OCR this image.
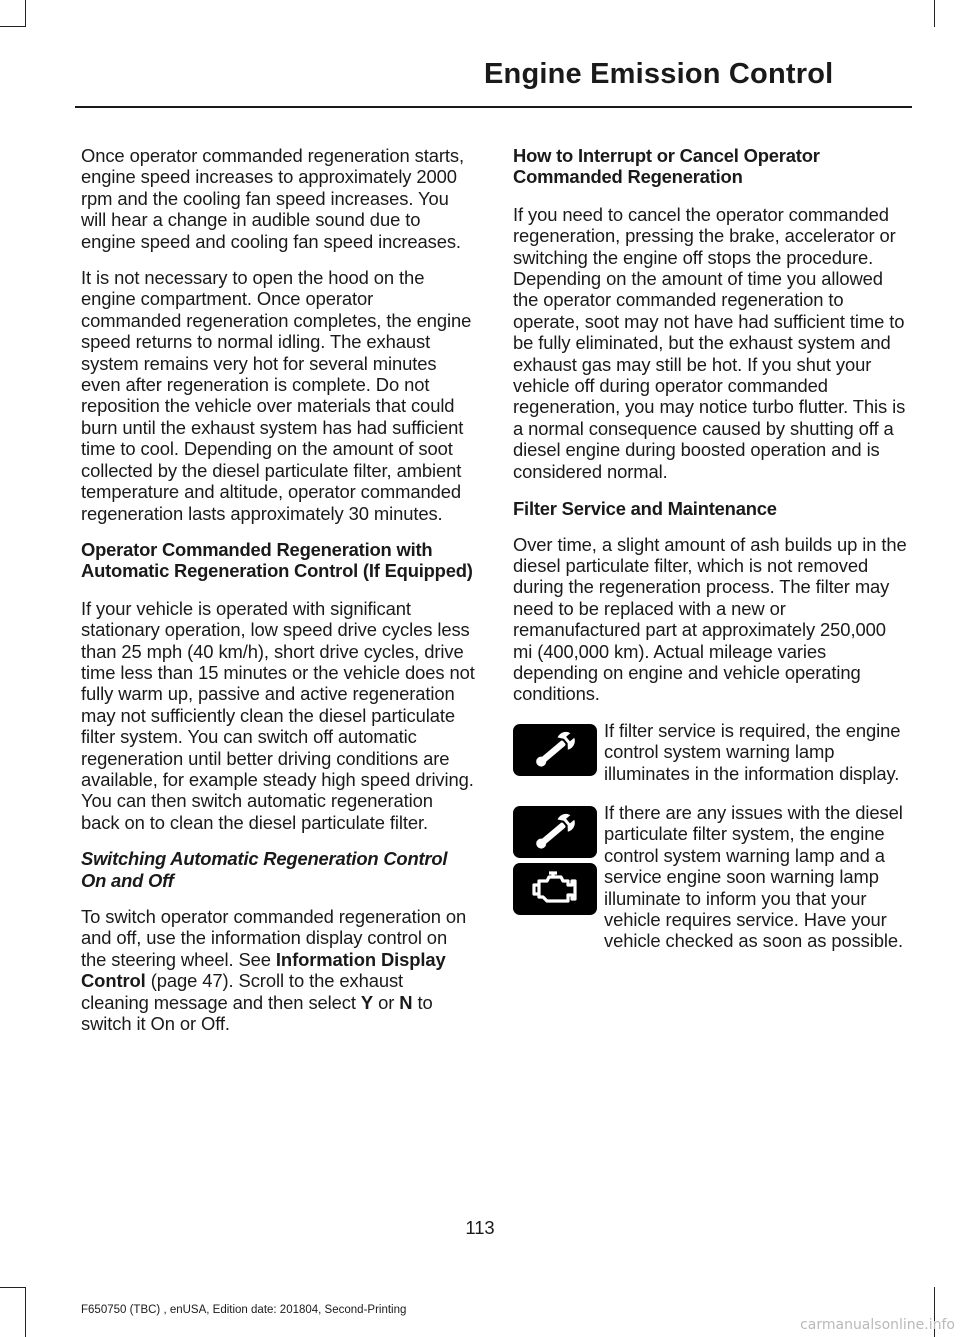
Engine Emission Control

Once operator commanded regeneration starts, engine speed increases to approximately 2000 rpm and the cooling fan speed increases. You will hear a change in audible sound due to engine speed and cooling fan speed increases.

It is not necessary to open the hood on the engine compartment. Once operator commanded regeneration completes, the engine speed returns to normal idling. The exhaust system remains very hot for several minutes even after regeneration is complete. Do not reposition the vehicle over materials that could burn until the exhaust system has had sufficient time to cool. Depending on the amount of soot collected by the diesel particulate filter, ambient temperature and altitude, operator commanded regeneration lasts approximately 30 minutes.

Operator Commanded Regeneration with Automatic Regeneration Control (If Equipped)

If your vehicle is operated with significant stationary operation, low speed drive cycles less than 25 mph (40 km/h), short drive cycles, drive time less than 15 minutes or the vehicle does not fully warm up, passive and active regeneration may not sufficiently clean the diesel particulate filter system. You can switch off automatic regeneration until better driving conditions are available, for example steady high speed driving. You can then switch automatic regeneration back on to clean the diesel particulate filter.

Switching Automatic Regeneration Control On and Off

To switch operator commanded regeneration on and off, use the information display control on the steering wheel. See Information Display Control (page 47). Scroll to the exhaust cleaning message and then select Y or N to switch it On or Off.

How to Interrupt or Cancel Operator Commanded Regeneration

If you need to cancel the operator commanded regeneration, pressing the brake, accelerator or switching the engine off stops the procedure. Depending on the amount of time you allowed the operator commanded regeneration to operate, soot may not have had sufficient time to be fully eliminated, but the exhaust system and exhaust gas may still be hot. If you shut your vehicle off during operator commanded regeneration, you may notice turbo flutter. This is a normal consequence caused by shutting off a diesel engine during boosted operation and is considered normal.

Filter Service and Maintenance

Over time, a slight amount of ash builds up in the diesel particulate filter, which is not removed during the regeneration process. The filter may need to be replaced with a new or remanufactured part at approximately 250,000 mi (400,000 km). Actual mileage varies depending on engine and vehicle operating conditions.

If filter service is required, the engine control system warning lamp illuminates in the information display.

If there are any issues with the diesel particulate filter system, the engine control system warning lamp and a service engine soon warning lamp illuminate to inform you that your vehicle requires service. Have your vehicle checked as soon as possible.

113
F650750 (TBC) , enUSA, Edition date: 201804, Second-Printing
carmanualsonline.info
